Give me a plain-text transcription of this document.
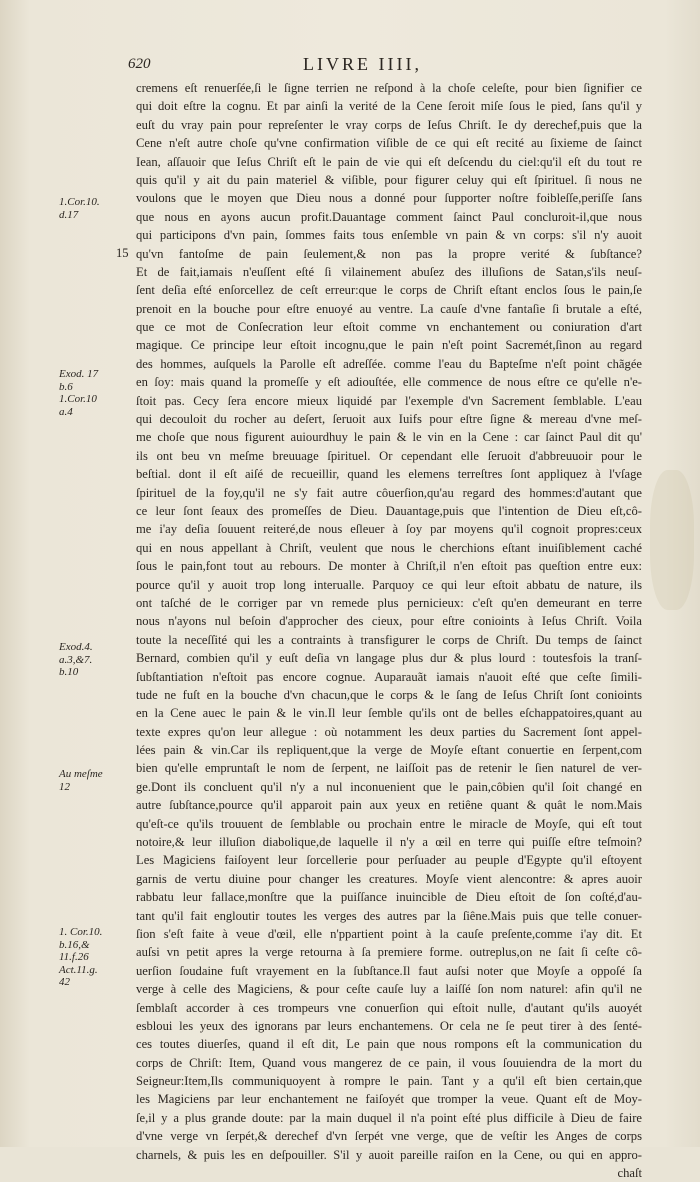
620	LIVRE IIII,
15
1.Cor.10.
d.17
Exod. 17
b.6
1.Cor.10
a.4
Exod.4.
a.3,&7.
b.10
Au meſme
12
1. Cor.10.
b.16,&
11.f.26
Act.11.g.
42
cremens eſt renuerſée,ſi le ſigne terrien ne reſpond à la choſe celeſte, pour bien ſignifier ce
qui doit eſtre la cognu. Et par ainſi la verité de la Cene ſeroit miſe ſous le pied, ſans qu'il y
euſt du vray pain pour repreſenter le vray corps de Ieſus Chriſt. Ie dy derechef,puis que la
Cene n'eſt autre choſe qu'vne confirmation viſible de ce qui eſt recité au ſixieme de ſainct
Iean, aſſauoir que Ieſus Chriſt eſt le pain de vie qui eſt deſcendu du ciel:qu'il eſt du tout re
quis qu'il y ait du pain materiel & viſible, pour figurer celuy qui eſt ſpirituel. ſi nous ne
voulons que le moyen que Dieu nous a donné pour ſupporter noſtre foibleſſe,periſſe ſans
que nous en ayons aucun profit.Dauantage comment ſainct Paul concluroit-il,que nous
qui participons d'vn pain, ſommes faits tous enſemble vn pain & vn corps: s'il n'y auoit
qu'vn fantoſme de pain ſeulement,& non pas la propre verité & ſubſtance?
Et de fait,iamais n'euſſent eſté ſi vilainement abuſez des illuſions de Satan,s'ils neuſ-
ſent deſia eſté enſorcellez de ceſt erreur:que le corps de Chriſt eſtant enclos ſous le pain,ſe
prenoit en la bouche pour eſtre enuoyé au ventre. La cauſe d'vne fantaſie ſi brutale a eſté,
que ce mot de Conſecration leur eſtoit comme vn enchantement ou coniuration d'art
magique. Ce principe leur eſtoit incognu,que le pain n'eſt point Sacremét,ſinon au regard
des hommes, auſquels la Parolle eſt adreſſée. comme l'eau du Bapteſme n'eſt point chãgée
en ſoy: mais quand la promeſſe y eſt adiouſtée, elle commence de nous eſtre ce qu'elle n'e-
ſtoit pas. Cecy ſera encore mieux liquidé par l'exemple d'vn Sacrement ſemblable. L'eau
qui decouloit du rocher au deſert, ſeruoit aux Iuifs pour eſtre ſigne & mereau d'vne meſ-
me choſe que nous figurent auiourdhuy le pain & le vin en la Cene : car ſainct Paul dit qu'
ils ont beu vn meſme breuuage ſpirituel. Or cependant elle ſeruoit d'abbreuuoir pour le
beſtial. dont il eſt aiſé de recueillir, quand les elemens terreſtres ſont appliquez à l'vſage
ſpirituel de la foy,qu'il ne s'y fait autre côuerſion,qu'au regard des hommes:d'autant que
ce leur ſont ſeaux des promeſſes de Dieu. Dauantage,puis que l'intention de Dieu eſt,cô-
me i'ay deſia ſouuent reiteré,de nous eſleuer à ſoy par moyens qu'il cognoit propres:ceux
qui en nous appellant à Chriſt, veulent que nous le cherchions eſtant inuiſiblement caché
ſous le pain,font tout au rebours. De monter à Chriſt,il n'en eſtoit pas queſtion entre eux:
pource qu'il y auoit trop long interualle. Parquoy ce qui leur eſtoit abbatu de nature, ils
ont taſché de le corriger par vn remede plus pernicieux: c'eſt qu'en demeurant en terre
nous n'ayons nul beſoin d'approcher des cieux, pour eſtre conioints à Ieſus Chriſt. Voila
toute la neceſſité qui les a contraints à transfigurer le corps de Chriſt. Du temps de ſainct
Bernard, combien qu'il y euſt deſia vn langage plus dur & plus lourd : toutesfois la tranſ-
ſubſtantiation n'eſtoit pas encore cognue. Auparauãt iamais n'auoit eſté que ceſte ſimili-
tude ne fuſt en la bouche d'vn chacun,que le corps & le ſang de Ieſus Chriſt ſont conioints
en la Cene auec le pain & le vin.Il leur ſemble qu'ils ont de belles eſchappatoires,quant au
texte expres qu'on leur allegue : où notamment les deux parties du Sacrement ſont appel-
lées pain & vin.Car ils repliquent,que la verge de Moyſe eſtant conuertie en ſerpent,com
bien qu'elle empruntaſt le nom de ſerpent, ne laiſſoit pas de retenir le ſien naturel de ver-
ge.Dont ils concluent qu'il n'y a nul inconuenient que le pain,côbien qu'il ſoit changé en
autre ſubſtance,pource qu'il apparoit pain aux yeux en retiêne quant & quât le nom.Mais
qu'eſt-ce qu'ils trouuent de ſemblable ou prochain entre le miracle de Moyſe, qui eſt tout
notoire,& leur illuſion diabolique,de laquelle il n'y a œil en terre qui puiſſe eſtre teſmoin?
Les Magiciens faiſoyent leur ſorcellerie pour perſuader au peuple d'Egypte qu'il eſtoyent
garnis de vertu diuine pour changer les creatures. Moyſe vient alencontre: & apres auoir
rabbatu leur fallace,monſtre que la puiſſance inuincible de Dieu eſtoit de ſon coſté,d'au-
tant qu'il fait engloutir toutes les verges des autres par la ſiêne.Mais puis que telle conuer-
ſion s'eſt faite à veue d'œil, elle n'ppartient point à la cauſe preſente,comme i'ay dit. Et
auſsi vn petit apres la verge retourna à ſa premiere forme. outreplus,on ne ſait ſi ceſte cô-
uerſion ſoudaine fuſt vrayement en la ſubſtance.Il faut auſsi noter que Moyſe a oppoſé ſa
verge à celle des Magiciens, & pour ceſte cauſe luy a laiſſé ſon nom naturel: afin qu'il ne
ſemblaſt accorder à ces trompeurs vne conuerſion qui eſtoit nulle, d'autant qu'ils auoyét
esbloui les yeux des ignorans par leurs enchantemens. Or cela ne ſe peut tirer à des ſenté-
ces toutes diuerſes, quand il eſt dit, Le pain que nous rompons eſt la communication du
corps de Chriſt: Item, Quand vous mangerez de ce pain, il vous ſouuiendra de la mort du
Seigneur:Item,Ils communiquoyent à rompre le pain. Tant y a qu'il eſt bien certain,que
les Magiciens par leur enchantement ne faiſoyét que tromper la veue. Quant eſt de Moy-
ſe,il y a plus grande doute: par la main duquel il n'a point eſté plus difficile à Dieu de faire
d'vne verge vn ſerpét,& derechef d'vn ſerpét vne verge, que de veſtir les Anges de corps
charnels, & puis les en deſpouiller. S'il y auoit pareille raiſon en la Cene, ou qui en appro-
chaſt
